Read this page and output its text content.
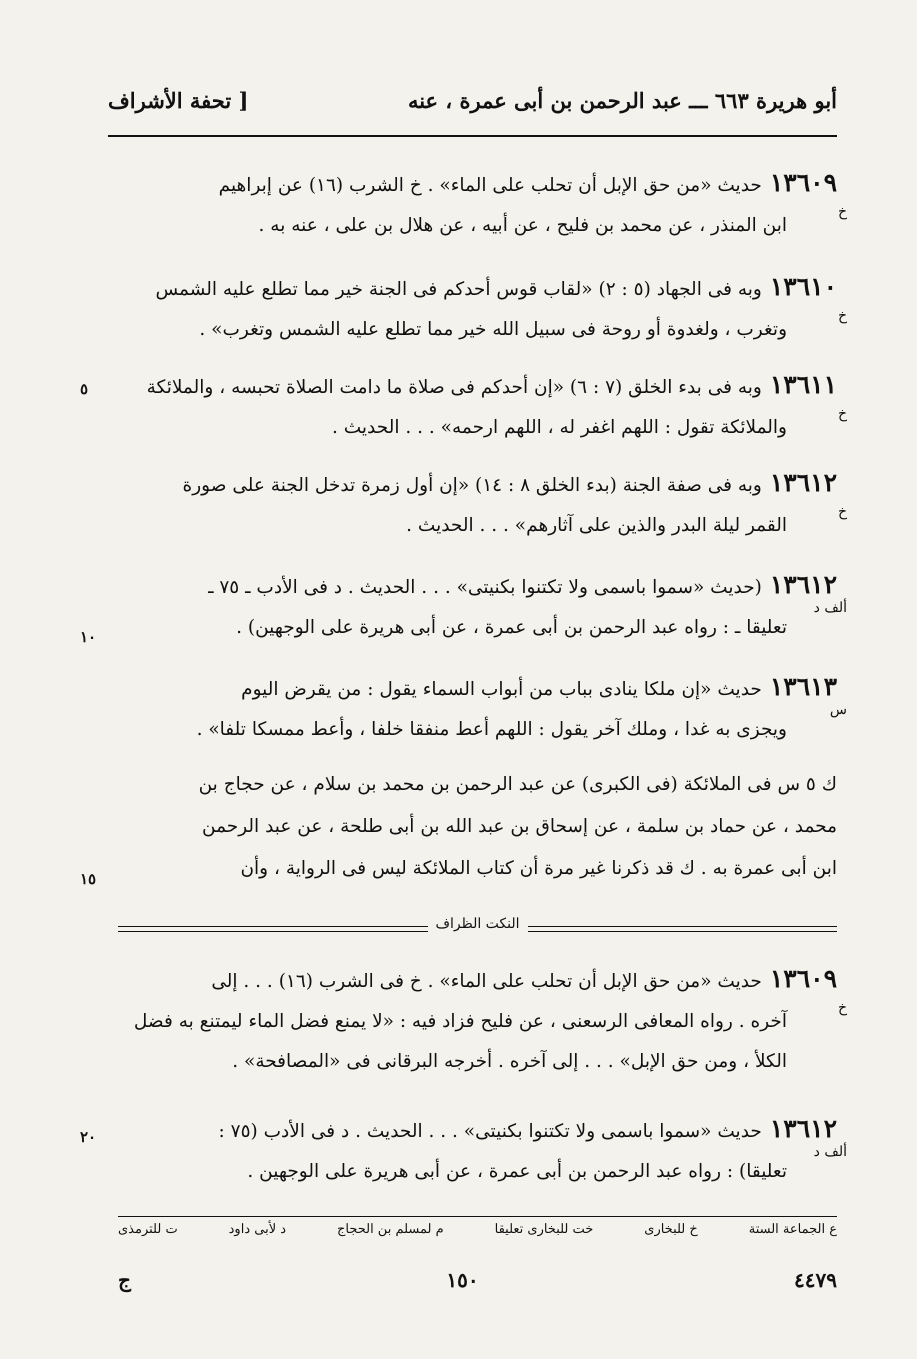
أبو هريرة ٦٦٣ ـــ عبد الرحمن بن أبى عمرة ، عنه
[ تحفة الأشراف
١٣٦٠٩حديث «من حق الإبل أن تحلب على الماء» . خ الشرب (١٦) عن إبراهيم
خ
ابن المنذر ، عن محمد بن فليح ، عن أبيه ، عن هلال بن على ، عنه به .
١٣٦١٠وبه فى الجهاد (٥ : ٢) «لقاب قوس أحدكم فى الجنة خير مما تطلع عليه الشمس
خ
وتغرب ، ولغدوة أو روحة فى سبيل الله خير مما تطلع عليه الشمس وتغرب» .
١٣٦١١وبه فى بدء الخلق (٧ : ٦) «إن أحدكم فى صلاة ما دامت الصلاة تحبسه ، والملائكة
خ
والملائكة تقول : اللهم اغفر له ، اللهم ارحمه» . . . الحديث .
١٣٦١٢وبه فى صفة الجنة (بدء الخلق ٨ : ١٤) «إن أول زمرة تدخل الجنة على صورة
خ
القمر ليلة البدر والذين على آثارهم» . . . الحديث .
١٣٦١٢(حديث «سموا باسمى ولا تكتنوا بكنيتى» . . . الحديث . د فى الأدب ـ ٧٥ ـ
ألف د
تعليقا ـ : رواه عبد الرحمن بن أبى عمرة ، عن أبى هريرة على الوجهين) .
١٣٦١٣حديث «إن ملكا ينادى بباب من أبواب السماء يقول : من يقرض اليوم
س
ويجزى به غدا ، وملك آخر يقول : اللهم أعط منفقا خلفا ، وأعط ممسكا تلفا» .

ك ٥ س فى الملائكة (فى الكبرى) عن عبد الرحمن بن محمد بن سلام ، عن حجاج بن

محمد ، عن حماد بن سلمة ، عن إسحاق بن عبد الله بن أبى طلحة ، عن عبد الرحمن

ابن أبى عمرة به . ك قد ذكرنا غير مرة أن كتاب الملائكة ليس فى الرواية ، وأن

٥
١٠
١٥
٢٠
النكت الظراف
١٣٦٠٩حديث «من حق الإبل أن تحلب على الماء» . خ فى الشرب (١٦) . . . إلى
خ
آخره . رواه المعافى الرسعنى ، عن فليح فزاد فيه : «لا يمنع فضل الماء ليمتنع به فضل
الكلأ ، ومن حق الإبل» . . . إلى آخره . أخرجه البرقانى فى «المصافحة» .
١٣٦١٢حديث «سموا باسمى ولا تكتنوا بكنيتى» . . . الحديث . د فى الأدب (٧٥ :
ألف د
تعليقا) : رواه عبد الرحمن بن أبى عمرة ، عن أبى هريرة على الوجهين .
ع الجماعة الستة
خ للبخارى
خت للبخارى تعليقا
م لمسلم بن الحجاج
د لأبى داود
ت للترمذى
٤٤٧٩
١٥٠
ج
